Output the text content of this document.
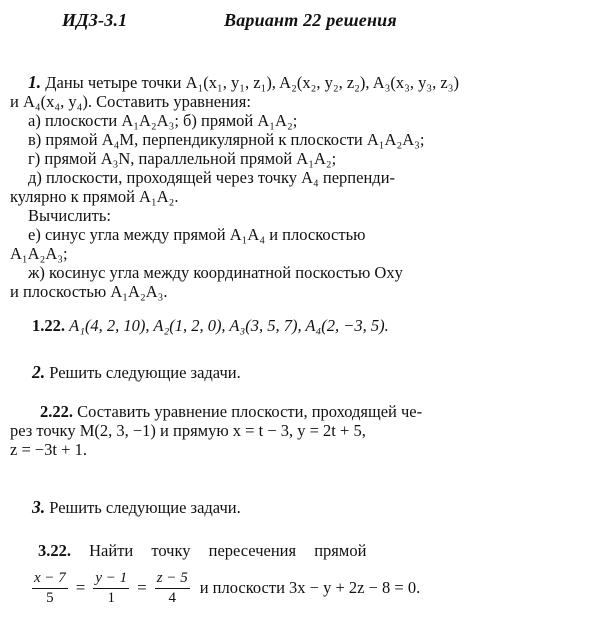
ИДЗ-3.1	Вариант 22 решения
1. Даны четыре точки A₁(x₁, y₁, z₁), A₂(x₂, y₂, z₂), A₃(x₃, y₃, z₃)
и A₄(x₄, y₄). Составить уравнения:
а) плоскости A₁A₂A₃; б) прямой A₁A₂;
в) прямой A₄M, перпендикулярной к плоскости A₁A₂A₃;
г) прямой A₃N, параллельной прямой A₁A₂;
д) плоскости, проходящей через точку A₄ перпенди-
кулярно к прямой A₁A₂.
Вычислить:
е) синус угла между прямой A₁A₄ и плоскостью
A₁A₂A₃;
ж) косинус угла между координатной поскостью Oxy
и плоскостью A₁A₂A₃.
1.22. A₁(4, 2, 10), A₂(1, 2, 0), A₃(3, 5, 7), A₄(2, −3, 5).
2. Решить следующие задачи.
2.22. Составить уравнение плоскости, проходящей че-
рез точку M(2, 3, −1) и прямую x = t − 3, y = 2t + 5,
z = −3t + 1.
3. Решить следующие задачи.
3.22. Найти точку пересечения прямой
$\frac{x - 7}{5} = \frac{y - 1}{1} = \frac{z - 5}{4}$ и плоскости 3x − y + 2z − 8 = 0.
